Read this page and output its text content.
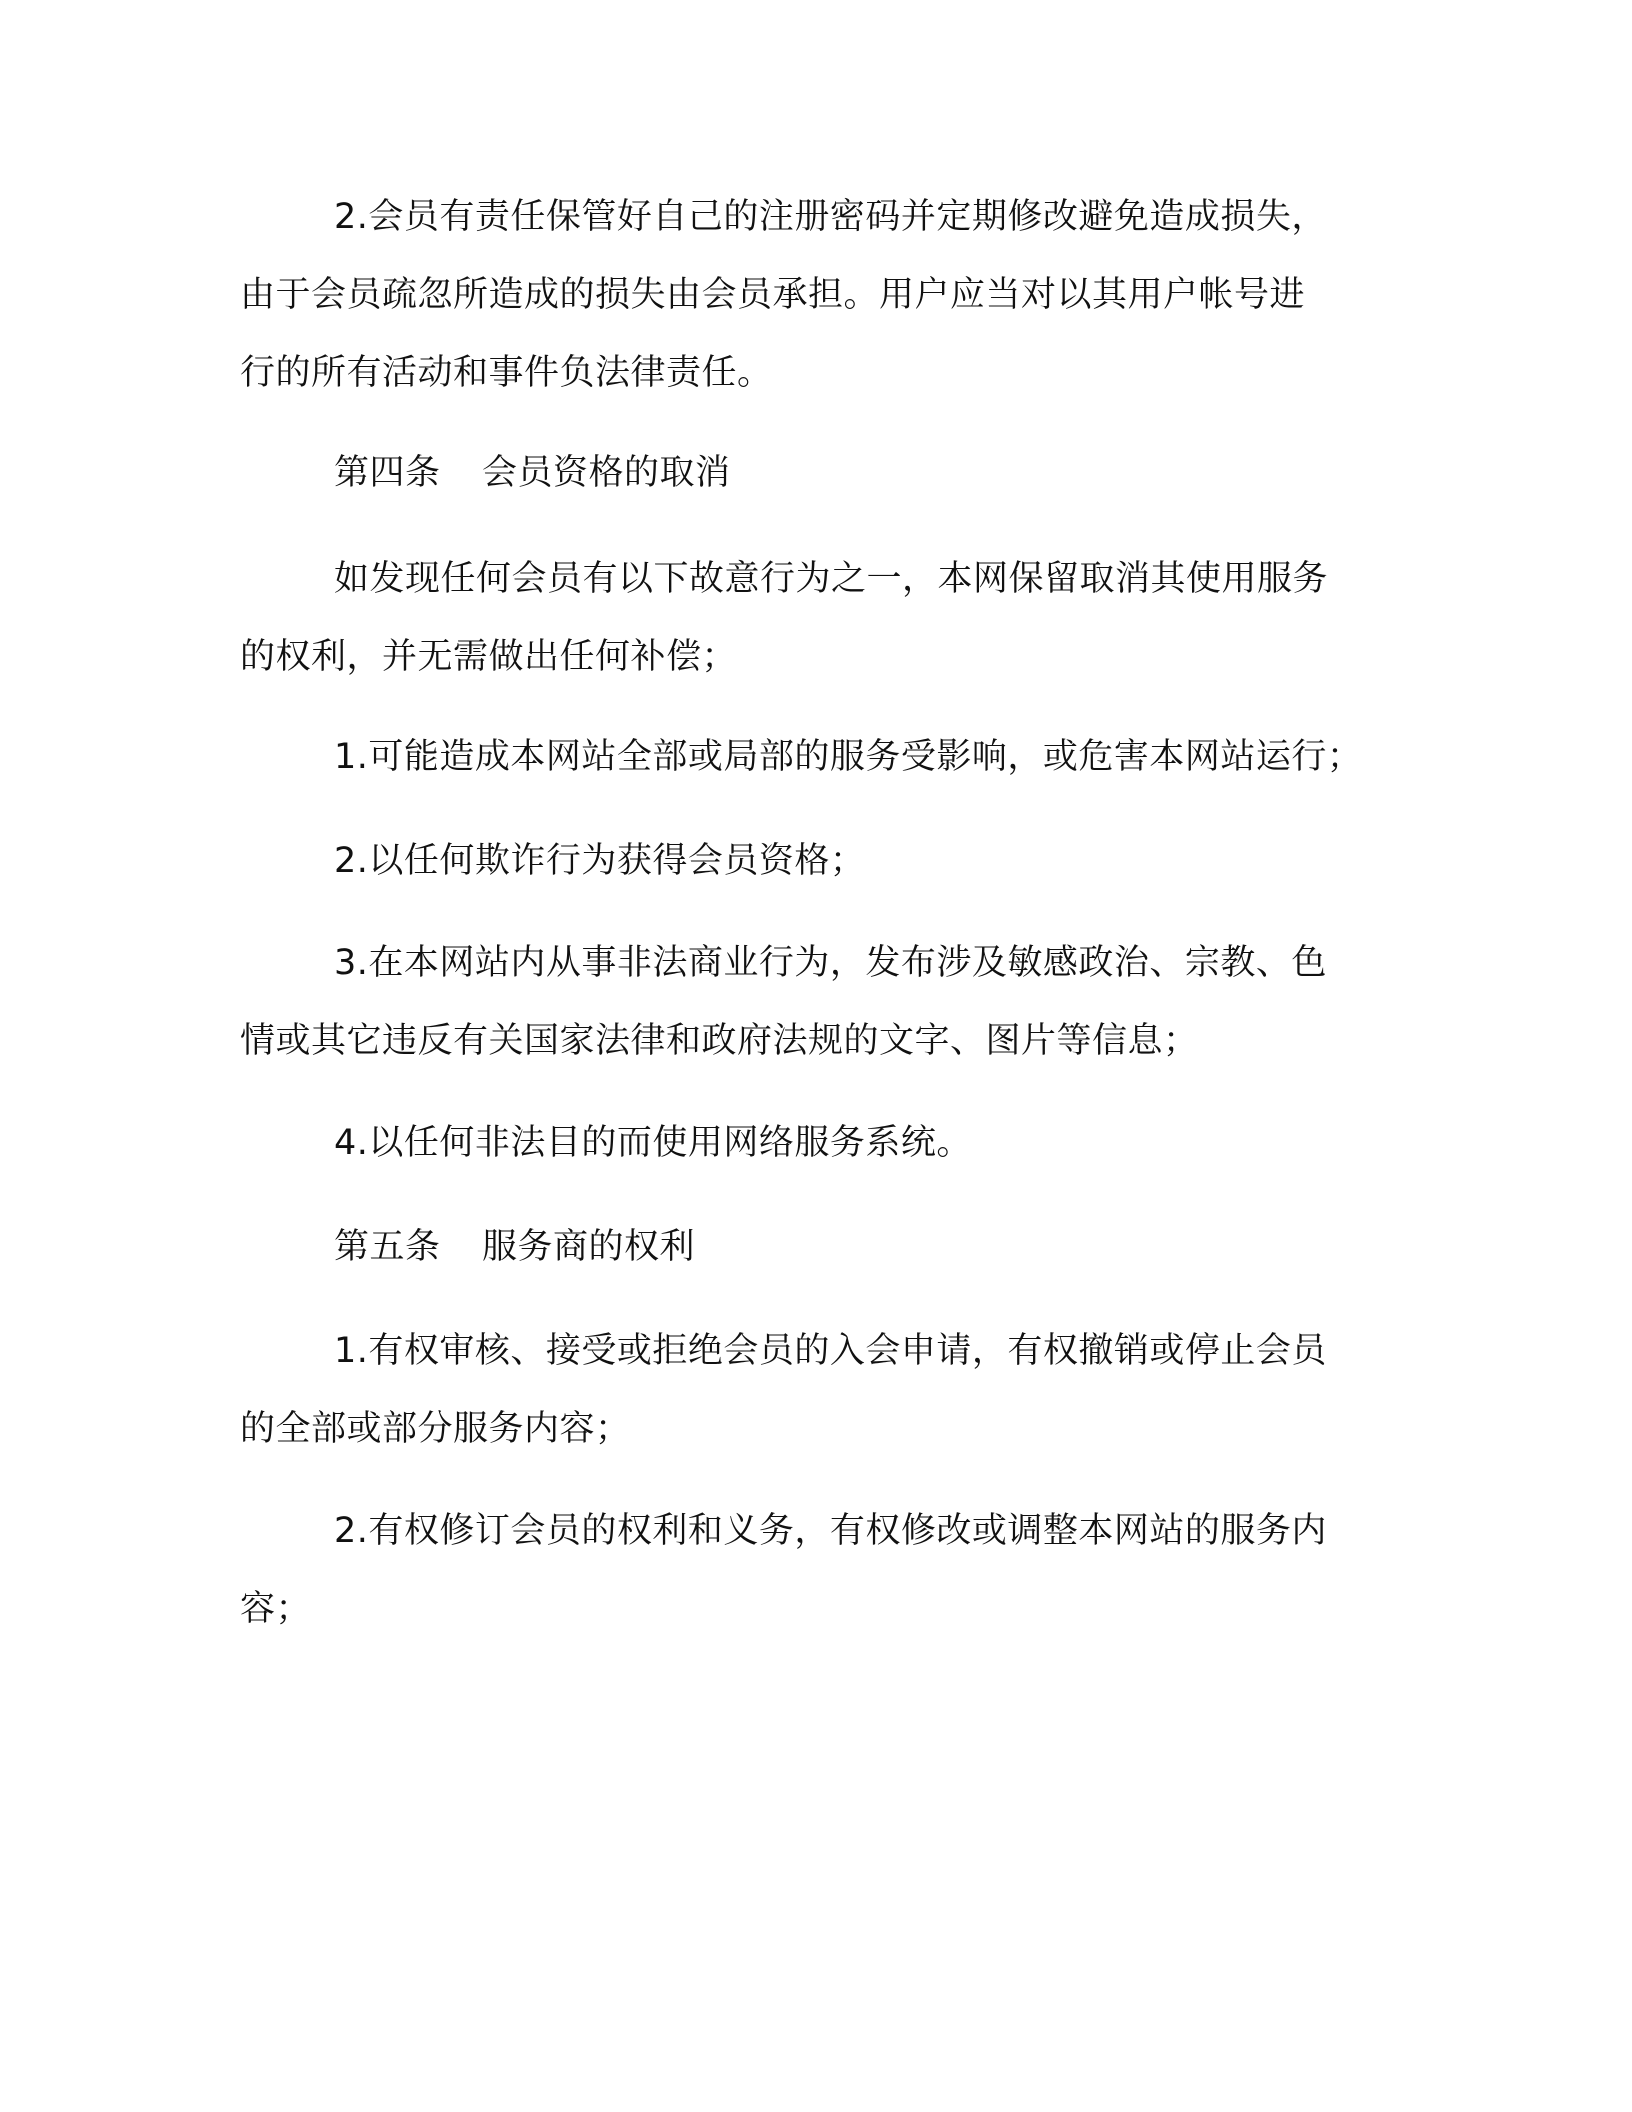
2.会员有责任保管好自己的注册密码并定期修改避免造成损失，
由于会员疏忽所造成的损失由会员承担。用户应当对以其用户帐号进
行的所有活动和事件负法律责任。
第四条 会员资格的取消
如发现任何会员有以下故意行为之一，本网保留取消其使用服务
的权利，并无需做出任何补偿；
1.可能造成本网站全部或局部的服务受影响，或危害本网站运行；
2.以任何欺诈行为获得会员资格；
3.在本网站内从事非法商业行为，发布涉及敏感政治、宗教、色
情或其它违反有关国家法律和政府法规的文字、图片等信息；
4.以任何非法目的而使用网络服务系统。
第五条 服务商的权利
1.有权审核、接受或拒绝会员的入会申请，有权撤销或停止会员
的全部或部分服务内容；
2.有权修订会员的权利和义务，有权修改或调整本网站的服务内
容；
